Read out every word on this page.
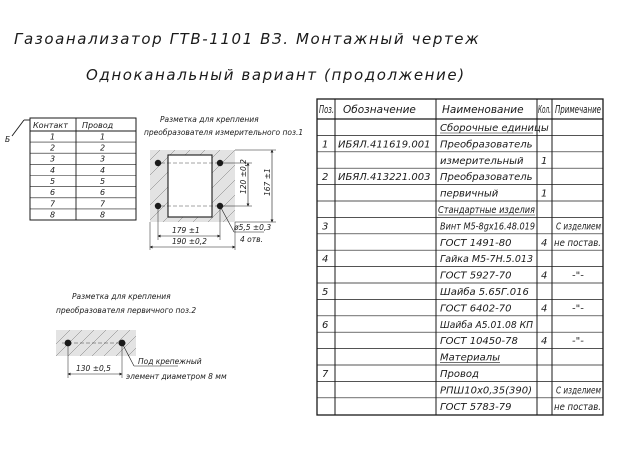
Газоанализатор ГТВ-1101 ВЗ. Монтажный чертеж
Одноканальный вариант (продолжение)
Контакт Провод
1	1
2	2
3	3
4	4
5	5
6	6
7	7
8	8
Б
Разметка для крепления
преобразователя измерительного поз.1
120 ±0,2 167 ±1
179 ±1
190 ±0,2
ø5,5 ±0,3
4 отв.
Разметка для крепления
преобразователя первичного поз.2
130 ±0,5
Под крепежный
элемент диаметром 8 мм
Поз. Обозначение Наименование Кол. Примечание
Сборочные единицы
1 ИБЯЛ.411619.001 Преобразователь
измерительный 1
2 ИБЯЛ.413221.003 Преобразователь
первичный	1
Стандартные изделия
3	Винт М5-8gх16.48.019 С изделием
ГОСТ 1491-80	4 не постав.
4	Гайка М5-7Н.5.013
ГОСТ 5927-70	4 -"-
5	Шайба 5.65Г.016
ГОСТ 6402-70	4 -"-
6	Шайба А5.01.08 КП
ГОСТ 10450-78 4 -"-
Материалы
7	Провод
РПШ10х0,35(390) С изделием
ГОСТ 5783-79	не постав.
